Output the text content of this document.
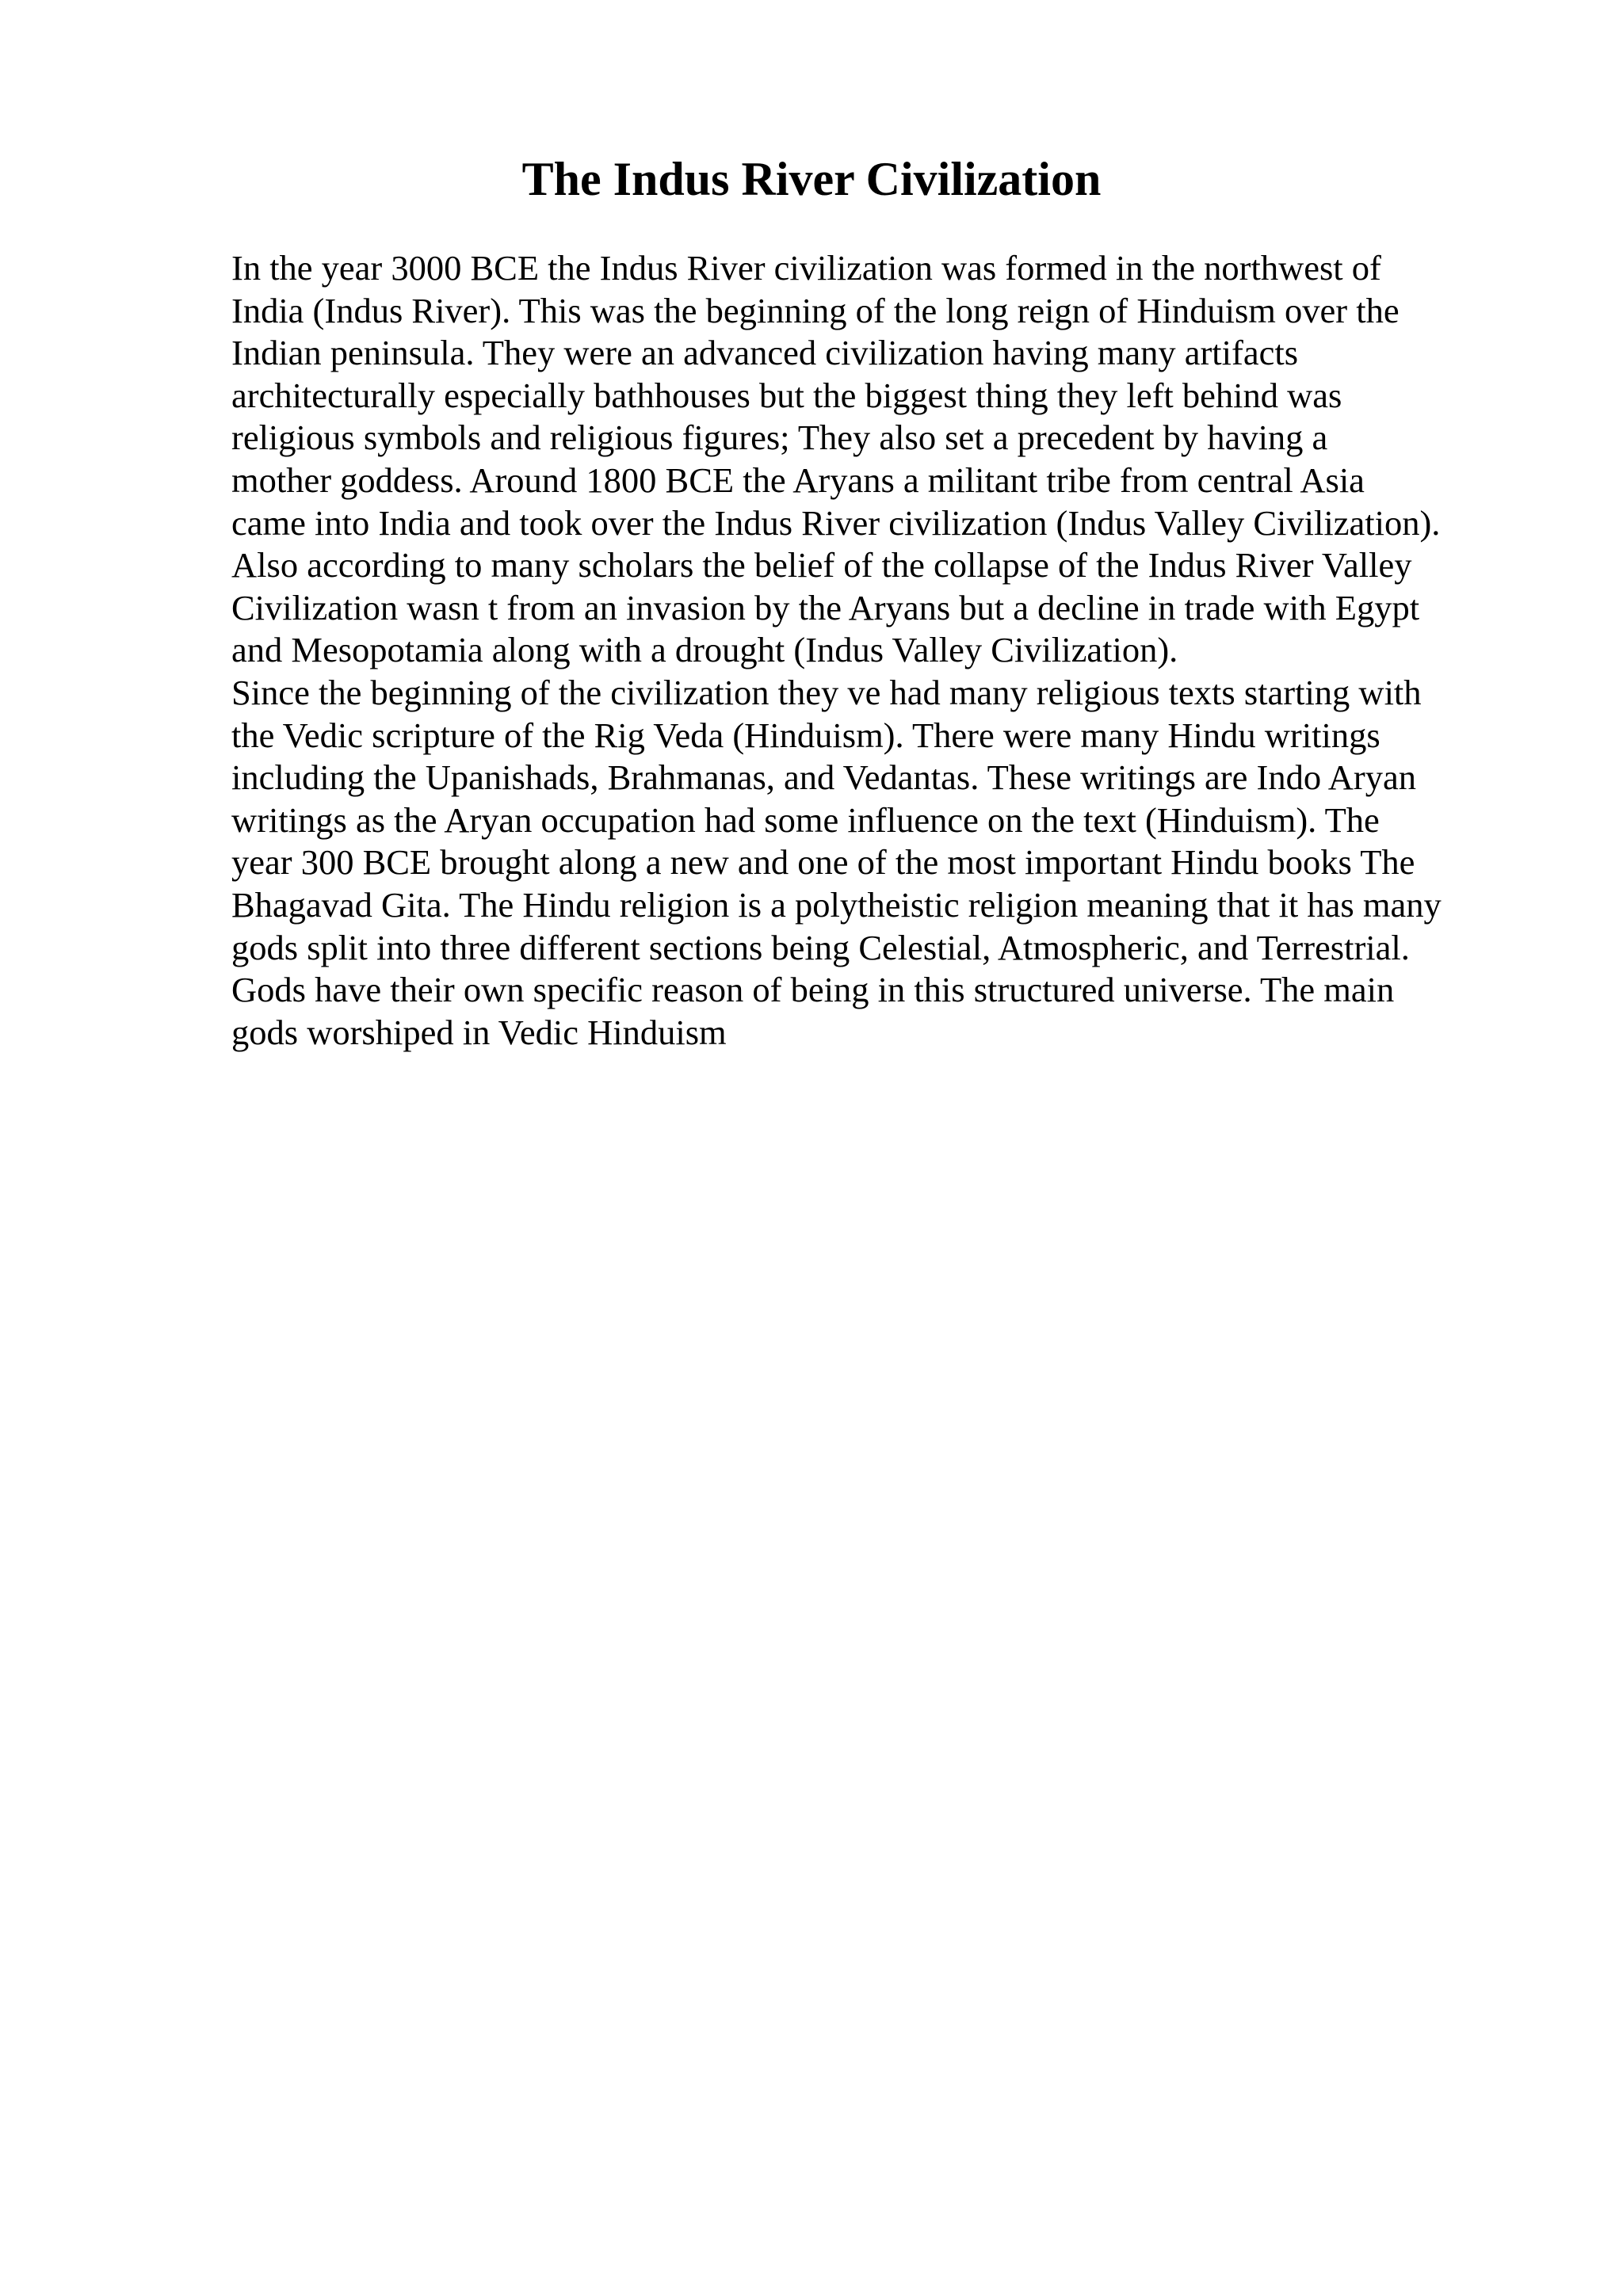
The Indus River Civilization
In the year 3000 BCE the Indus River civilization was formed in the northwest of
India (Indus River). This was the beginning of the long reign of Hinduism over the
Indian peninsula. They were an advanced civilization having many artifacts
architecturally especially bathhouses but the biggest thing they left behind was
religious symbols and religious figures; They also set a precedent by having a
mother goddess. Around 1800 BCE the Aryans a militant tribe from central Asia
came into India and took over the Indus River civilization (Indus Valley Civilization).
Also according to many scholars the belief of the collapse of the Indus River Valley
Civilization wasn t from an invasion by the Aryans but a decline in trade with Egypt
and Mesopotamia along with a drought (Indus Valley Civilization).
Since the beginning of the civilization they ve had many religious texts starting with
the Vedic scripture of the Rig Veda (Hinduism). There were many Hindu writings
including the Upanishads, Brahmanas, and Vedantas. These writings are Indo Aryan
writings as the Aryan occupation had some influence on the text (Hinduism). The
year 300 BCE brought along a new and one of the most important Hindu books The
Bhagavad Gita. The Hindu religion is a polytheistic religion meaning that it has many
gods split into three different sections being Celestial, Atmospheric, and Terrestrial.
Gods have their own specific reason of being in this structured universe. The main
gods worshiped in Vedic Hinduism
